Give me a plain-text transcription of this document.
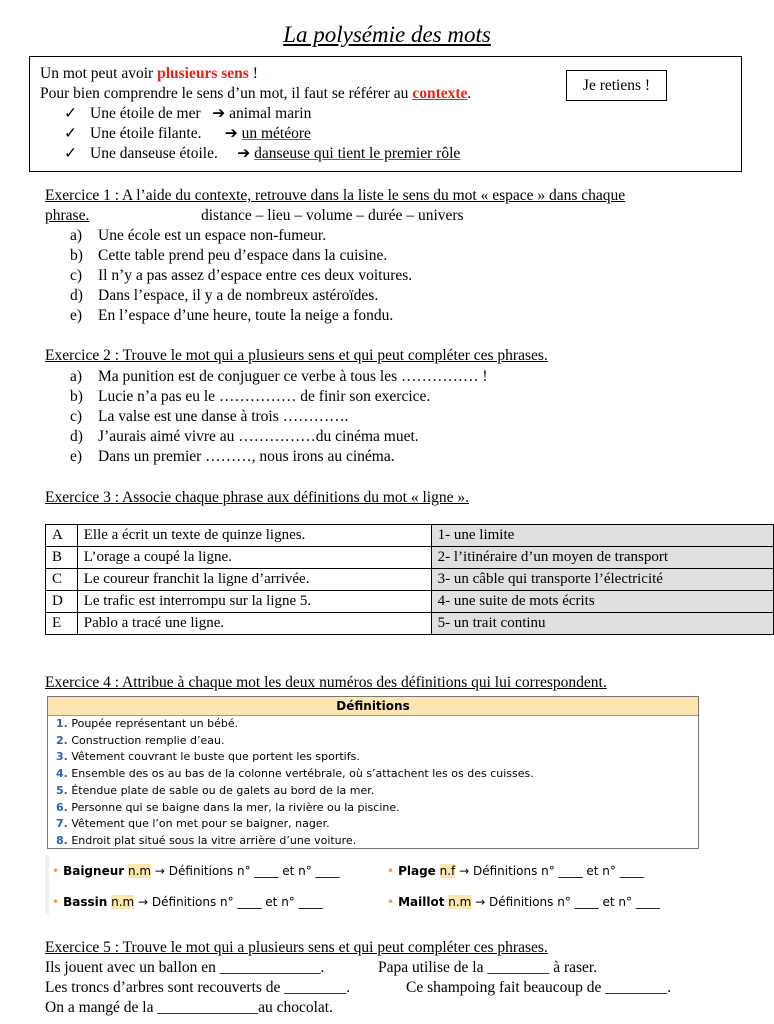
La polysémie des mots
Un mot peut avoir plusieurs sens !
Pour bien comprendre le sens d’un mot, il faut se référer au contexte.	Je retiens !
✓ Une étoile de mer ➔ animal marin
✓ Une étoile filante. ➔ un météore
✓ Une danseuse étoile. ➔ danseuse qui tient le premier rôle
Exercice 1 : A l’aide du contexte, retrouve dans la liste le sens du mot « espace » dans chaque
phrase.	distance – lieu – volume – durée – univers
a) Une école est un espace non-fumeur.
b) Cette table prend peu d’espace dans la cuisine.
c) Il n’y a pas assez d’espace entre ces deux voitures.
d) Dans l’espace, il y a de nombreux astéroïdes.
e) En l’espace d’une heure, toute la neige a fondu.
Exercice 2 : Trouve le mot qui a plusieurs sens et qui peut compléter ces phrases.
a) Ma punition est de conjuguer ce verbe à tous les …………… !
b) Lucie n’a pas eu le …………… de finir son exercice.
c) La valse est une danse à trois ………….
d) J’aurais aimé vivre au ……………du cinéma muet.
e) Dans un premier ………, nous irons au cinéma.
Exercice 3 : Associe chaque phrase aux définitions du mot « ligne ».
A	Elle a écrit un texte de quinze lignes.	1- une limite
B	L’orage a coupé la ligne.	2- l’itinéraire d’un moyen de transport
C	Le coureur franchit la ligne d’arrivée.	3- un câble qui transporte l’électricité
D	Le trafic est interrompu sur la ligne 5.	4- une suite de mots écrits
E	Pablo a tracé une ligne.	5- un trait continu
Exercice 4 : Attribue à chaque mot les deux numéros des définitions qui lui correspondent.
Définitions
1. Poupée représentant un bébé.
2. Construction remplie d’eau.
3. Vêtement couvrant le buste que portent les sportifs.
4. Ensemble des os au bas de la colonne vertébrale, où s’attachent les os des cuisses.
5. Étendue plate de sable ou de galets au bord de la mer.
6. Personne qui se baigne dans la mer, la rivière ou la piscine.
7. Vêtement que l’on met pour se baigner, nager.
8. Endroit plat situé sous la vitre arrière d’une voiture.
• Baigneur n.m → Définitions n° ____ et n° ____	• Plage n.f → Définitions n° ____ et n° ____
• Bassin n.m → Définitions n° ____ et n° ____	• Maillot n.m → Définitions n° ____ et n° ____
Exercice 5 : Trouve le mot qui a plusieurs sens et qui peut compléter ces phrases.
Ils jouent avec un ballon en _____________.	Papa utilise de la ________ à raser.
Les troncs d’arbres sont recouverts de ________.	Ce shampoing fait beaucoup de ________.
On a mangé de la _____________au chocolat.
